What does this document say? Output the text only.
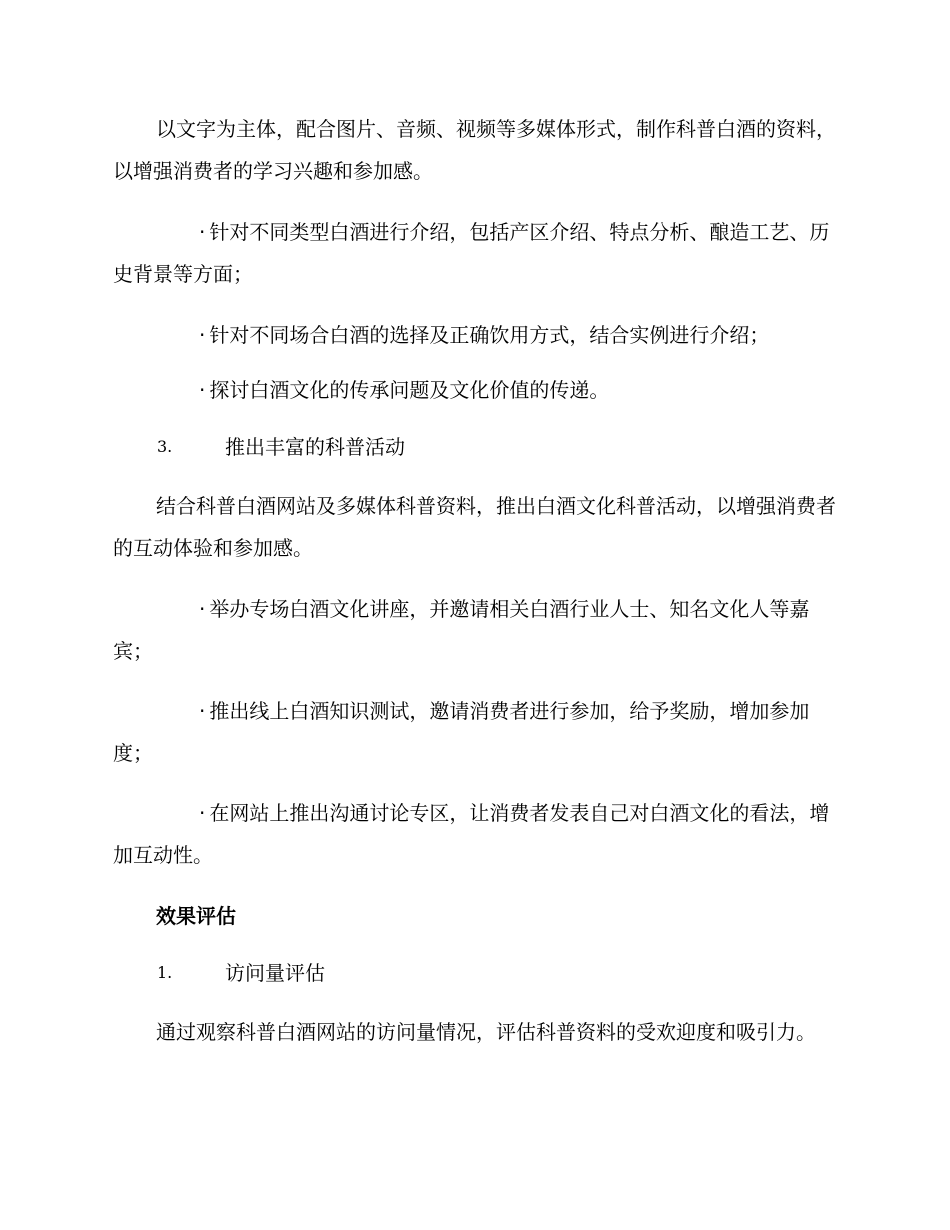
以文字为主体，配合图片、音频、视频等多媒体形式，制作科普白酒的资料，以增强消费者的学习兴趣和参加感。

· 针对不同类型白酒进行介绍，包括产区介绍、特点分析、酿造工艺、历史背景等方面；

· 针对不同场合白酒的选择及正确饮用方式，结合实例进行介绍；

· 探讨白酒文化的传承问题及文化价值的传递。

3.	推出丰富的科普活动

结合科普白酒网站及多媒体科普资料，推出白酒文化科普活动，以增强消费者的互动体验和参加感。

· 举办专场白酒文化讲座，并邀请相关白酒行业人士、知名文化人等嘉宾；

· 推出线上白酒知识测试，邀请消费者进行参加，给予奖励，增加参加度；

· 在网站上推出沟通讨论专区，让消费者发表自己对白酒文化的看法，增加互动性。

效果评估

1.	访问量评估

通过观察科普白酒网站的访问量情况，评估科普资料的受欢迎度和吸引力。
